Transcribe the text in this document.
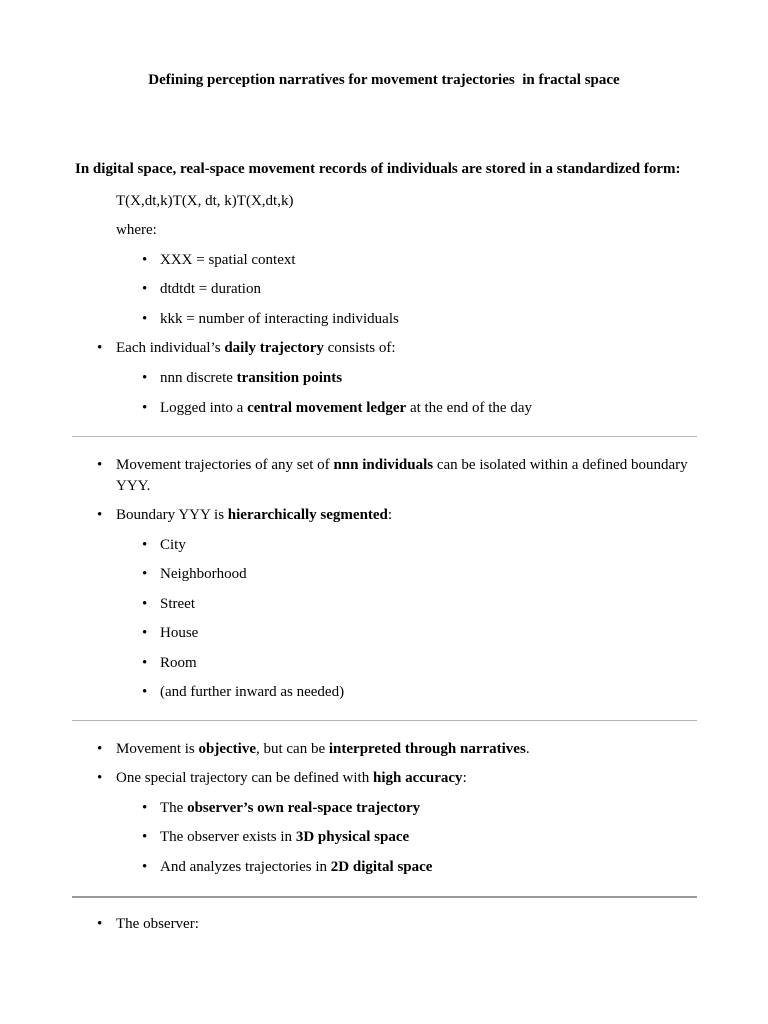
Defining perception narratives for movement trajectories  in fractal space
In digital space, real-space movement records of individuals are stored in a standardized form:
T(X,dt,k)T(X, dt, k)T(X,dt,k)
where:
• XXX = spatial context
• dtdtdt = duration
• kkk = number of interacting individuals
• Each individual’s daily trajectory consists of:
• nnn discrete transition points
• Logged into a central movement ledger at the end of the day
• Movement trajectories of any set of nnn individuals can be isolated within a defined boundary
YYY.
• Boundary YYY is hierarchically segmented:
• City
• Neighborhood
• Street
• House
• Room
• (and further inward as needed)
• Movement is objective, but can be interpreted through narratives.
• One special trajectory can be defined with high accuracy:
• The observer’s own real-space trajectory
• The observer exists in 3D physical space
• And analyzes trajectories in 2D digital space
• The observer:
